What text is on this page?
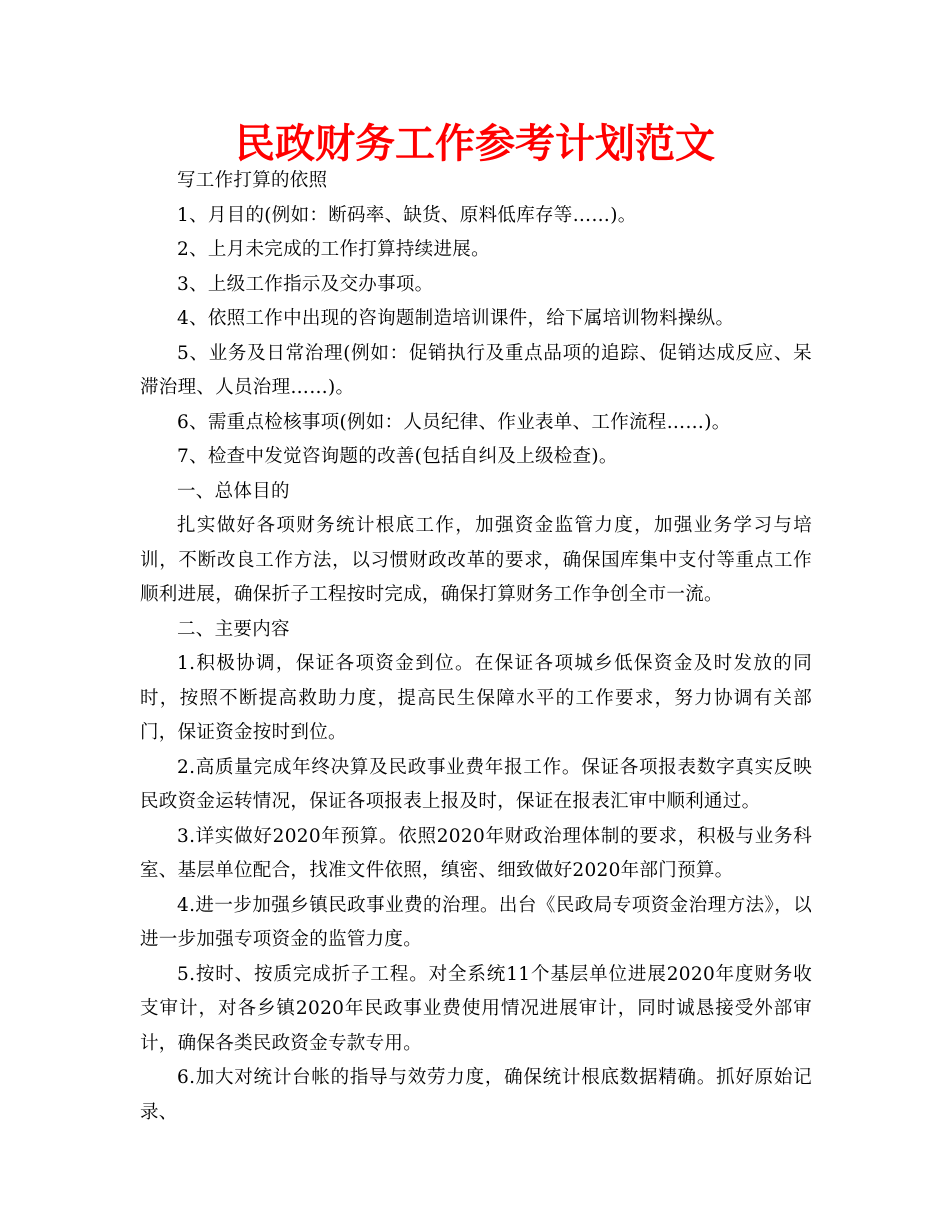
民政财务工作参考计划范文

写工作打算的依照

1、月目的(例如：断码率、缺货、原料低库存等……)。

2、上月未完成的工作打算持续进展。

3、上级工作指示及交办事项。

4、依照工作中出现的咨询题制造培训课件，给下属培训物料操纵。

5、业务及日常治理(例如：促销执行及重点品项的追踪、促销达成反应、呆滞治理、人员治理……)。

6、需重点检核事项(例如：人员纪律、作业表单、工作流程……)。

7、检查中发觉咨询题的改善(包括自纠及上级检查)。

一、总体目的

扎实做好各项财务统计根底工作，加强资金监管力度，加强业务学习与培训，不断改良工作方法，以习惯财政改革的要求，确保国库集中支付等重点工作顺利进展，确保折子工程按时完成，确保打算财务工作争创全市一流。

二、主要内容

1.积极协调，保证各项资金到位。在保证各项城乡低保资金及时发放的同时，按照不断提高救助力度，提高民生保障水平的工作要求，努力协调有关部门，保证资金按时到位。

2.高质量完成年终决算及民政事业费年报工作。保证各项报表数字真实反映民政资金运转情况，保证各项报表上报及时，保证在报表汇审中顺利通过。

3.详实做好2020年预算。依照2020年财政治理体制的要求，积极与业务科室、基层单位配合，找准文件依照，缜密、细致做好2020年部门预算。

4.进一步加强乡镇民政事业费的治理。出台《民政局专项资金治理方法》，以进一步加强专项资金的监管力度。

5.按时、按质完成折子工程。对全系统11个基层单位进展2020年度财务收支审计，对各乡镇2020年民政事业费使用情况进展审计，同时诚恳接受外部审计，确保各类民政资金专款专用。

6.加大对统计台帐的指导与效劳力度，确保统计根底数据精确。抓好原始记录、
